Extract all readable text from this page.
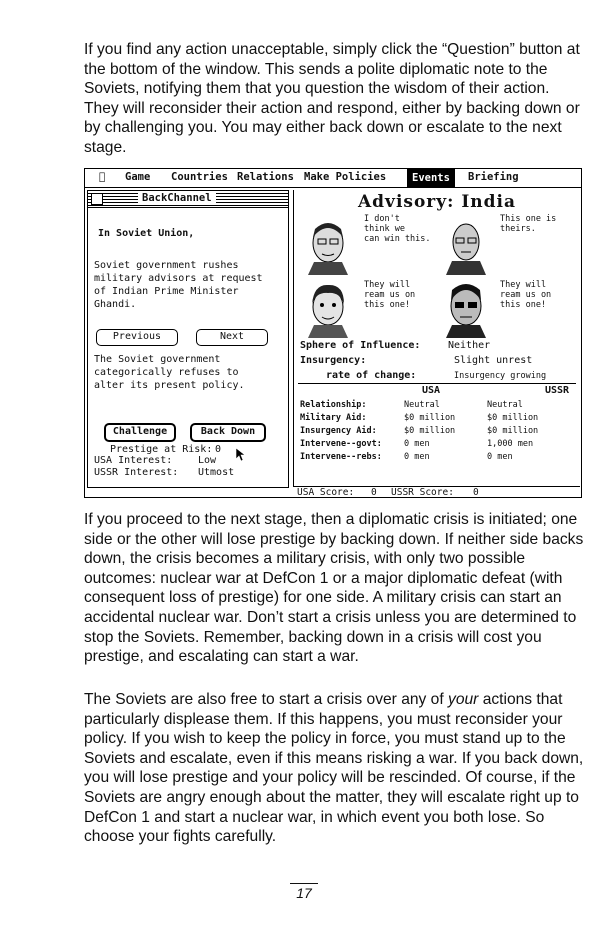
If you find any action unacceptable, simply click the “Question” button at the bottom of the window. This sends a polite diplomatic note to the Soviets, notifying them that you question the wisdom of their action. They will reconsider their action and respond, either by backing down or by challenging you. You may either back down or escalate to the next stage.

Game Countries Relations Make Policies	Events	Briefing
BackChannel
In Soviet Union,
Soviet government rushes
military advisors at request
of Indian Prime Minister
Ghandi.
Previous	Next
The Soviet government
categorically refuses to
alter its present policy.
Challenge	Back Down
Prestige at Risk: 0
USA Interest:	Low
USSR Interest: Utmost
Advisory: India
I don't
think we
can win this.
This one is
theirs.
They will
ream us on
this one!
They will
ream us on
this one!
Sphere of Influence:	Neither
Insurgency:	Slight unrest
rate of change:	Insurgency growing
USA	USSR
Relationship:	Neutral	Neutral
Military Aid:	$0 million	$0 million
Insurgency Aid:	$0 million	$0 million
Intervene--govt:	0 men	1,000 men
Intervene--rebs:	0 men	0 men
USA Score: 0 USSR Score: 0

If you proceed to the next stage, then a diplomatic crisis is initiated; one side or the other will lose prestige by backing down. If neither side backs down, the crisis becomes a military crisis, with only two possible outcomes: nuclear war at DefCon 1 or a major diplomatic defeat (with consequent loss of prestige) for one side. A military crisis can start an accidental nuclear war. Don’t start a crisis unless you are determined to stop the Soviets. Remember, backing down in a crisis will cost you prestige, and escalating can start a war.

The Soviets are also free to start a crisis over any of your actions that particularly displease them. If this happens, you must reconsider your policy. If you wish to keep the policy in force, you must stand up to the Soviets and escalate, even if this means risking a war. If you back down, you will lose prestige and your policy will be rescinded. Of course, if the Soviets are angry enough about the matter, they will escalate right up to DefCon 1 and start a nuclear war, in which event you both lose. So choose your fights carefully.

17
